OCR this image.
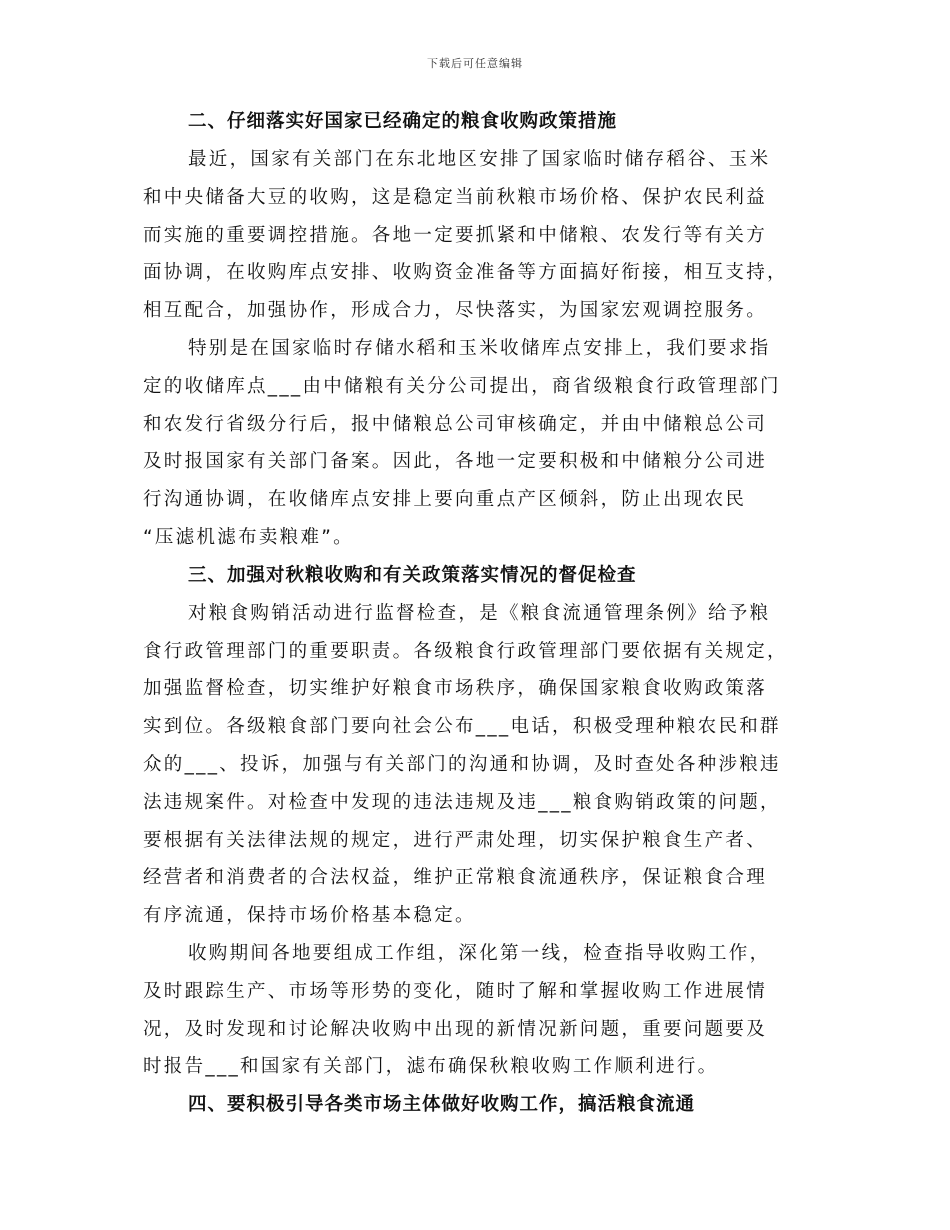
下载后可任意编辑
二、仔细落实好国家已经确定的粮食收购政策措施
最近，国家有关部门在东北地区安排了国家临时储存稻谷、玉米
和中央储备大豆的收购，这是稳定当前秋粮市场价格、保护农民利益
而实施的重要调控措施。各地一定要抓紧和中储粮、农发行等有关方
面协调，在收购库点安排、收购资金准备等方面搞好衔接，相互支持，
相互配合，加强协作，形成合力，尽快落实，为国家宏观调控服务。
特别是在国家临时存储水稻和玉米收储库点安排上，我们要求指
定的收储库点___由中储粮有关分公司提出，商省级粮食行政管理部门
和农发行省级分行后，报中储粮总公司审核确定，并由中储粮总公司
及时报国家有关部门备案。因此，各地一定要积极和中储粮分公司进
行沟通协调，在收储库点安排上要向重点产区倾斜，防止出现农民
“压滤机滤布卖粮难”。
三、加强对秋粮收购和有关政策落实情况的督促检查
对粮食购销活动进行监督检查，是《粮食流通管理条例》给予粮
食行政管理部门的重要职责。各级粮食行政管理部门要依据有关规定，
加强监督检查，切实维护好粮食市场秩序，确保国家粮食收购政策落
实到位。各级粮食部门要向社会公布___电话，积极受理种粮农民和群
众的___、投诉，加强与有关部门的沟通和协调，及时查处各种涉粮违
法违规案件。对检查中发现的违法违规及违___粮食购销政策的问题，
要根据有关法律法规的规定，进行严肃处理，切实保护粮食生产者、
经营者和消费者的合法权益，维护正常粮食流通秩序，保证粮食合理
有序流通，保持市场价格基本稳定。
收购期间各地要组成工作组，深化第一线，检查指导收购工作，
及时跟踪生产、市场等形势的变化，随时了解和掌握收购工作进展情
况，及时发现和讨论解决收购中出现的新情况新问题，重要问题要及
时报告___和国家有关部门，滤布确保秋粮收购工作顺利进行。
四、要积极引导各类市场主体做好收购工作，搞活粮食流通
